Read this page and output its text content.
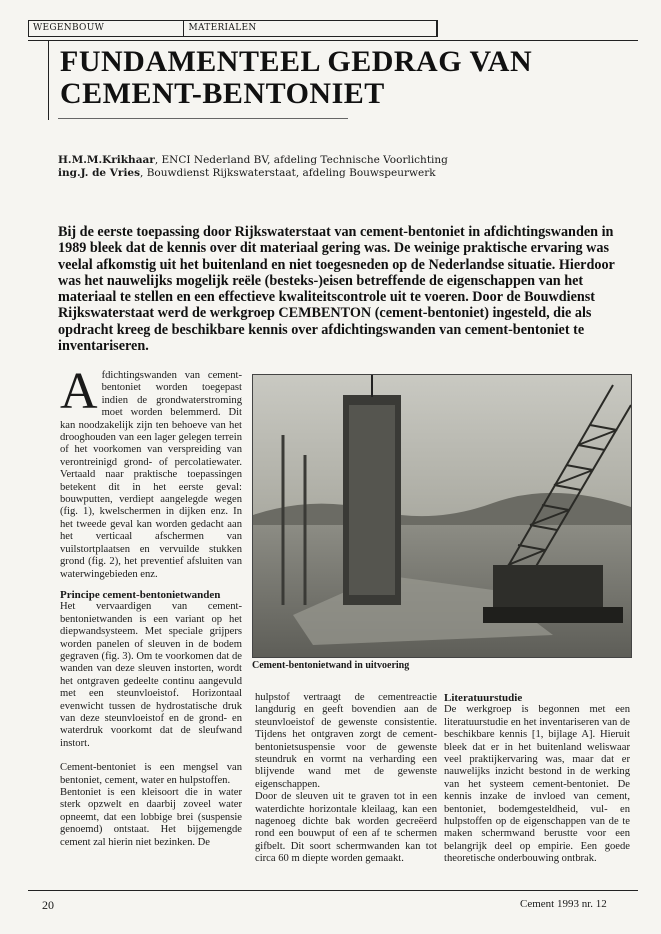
WEGENBOUW	MATERIALEN
FUNDAMENTEEL GEDRAG VAN
CEMENT-BENTONIET
H.M.M.Krikhaar, ENCI Nederland BV, afdeling Technische Voorlichting
ing.J. de Vries, Bouwdienst Rijkswaterstaat, afdeling Bouwspeurwerk
Bij de eerste toepassing door Rijkswaterstaat van cement-bentoniet in afdichtingswanden in 1989 bleek dat de kennis over dit materiaal gering was. De weinige praktische ervaring was veelal afkomstig uit het buitenland en niet toegesneden op de Nederlandse situatie. Hierdoor was het nauwelijks mogelijk reële (besteks-)eisen betreffende de eigenschappen van het materiaal te stellen en een effectieve kwaliteitscontrole uit te voeren. Door de Bouwdienst Rijkswaterstaat werd de werkgroep CEMBENTON (cement-bentoniet) ingesteld, die als opdracht kreeg de beschikbare kennis over afdichtingswanden van cement-bentoniet te inventariseren.

Afdichtingswanden van cement-bentoniet worden toegepast indien de grondwaterstroming moet worden belemmerd. Dit kan noodzakelijk zijn ten behoeve van het drooghouden van een lager gelegen terrein of het voorkomen van verspreiding van verontreinigd grond- of percolatiewater. Vertaald naar praktische toepassingen betekent dit in het eerste geval: bouwputten, verdiept aangelegde wegen (fig. 1), kwelschermen in dijken enz. In het tweede geval kan worden gedacht aan het verticaal afschermen van vuilstortplaatsen en vervuilde stukken grond (fig. 2), het preventief afsluiten van waterwingebieden enz.

Principe cement-bentonietwanden

Het vervaardigen van cement-bentonietwanden is een variant op het diepwandsysteem. Met speciale grijpers worden panelen of sleuven in de bodem gegraven (fig. 3). Om te voorkomen dat de wanden van deze sleuven instorten, wordt het ontgraven gedeelte continu aangevuld met een steunvloeistof. Horizontaal evenwicht tussen de hydrostatische druk van deze steunvloeistof en de grond- en waterdruk voorkomt dat de sleufwand instort.

Cement-bentoniet is een mengsel van bentoniet, cement, water en hulpstoffen.

Bentoniet is een kleisoort die in water sterk opzwelt en daarbij zoveel water opneemt, dat een lobbige brei (suspensie genoemd) ontstaat. Het bijgemengde cement zal hierin niet bezinken. De

Cement-bentonietwand in uitvoering

hulpstof vertraagt de cementreactie langdurig en geeft bovendien aan de steunvloeistof de gewenste consistentie. Tijdens het ontgraven zorgt de cement-bentonietsuspensie voor de gewenste steundruk en vormt na verharding een blijvende wand met de gewenste eigenschappen.

Door de sleuven uit te graven tot in een waterdichte horizontale kleilaag, kan een nagenoeg dichte bak worden gecreëerd rond een bouwput of een af te schermen gifbelt. Dit soort schermwanden kan tot circa 60 m diepte worden gemaakt.

Literatuurstudie

De werkgroep is begonnen met een literatuurstudie en het inventariseren van de beschikbare kennis [1, bijlage A]. Hieruit bleek dat er in het buitenland weliswaar veel praktijkervaring was, maar dat er nauwelijks inzicht bestond in de werking van het systeem cement-bentoniet. De kennis inzake de invloed van cement, bentoniet, bodemgesteldheid, vul- en hulpstoffen op de eigenschappen van de te maken schermwand berustte voor een belangrijk deel op empirie. Een goede theoretische onderbouwing ontbrak.

20	Cement 1993 nr. 12
